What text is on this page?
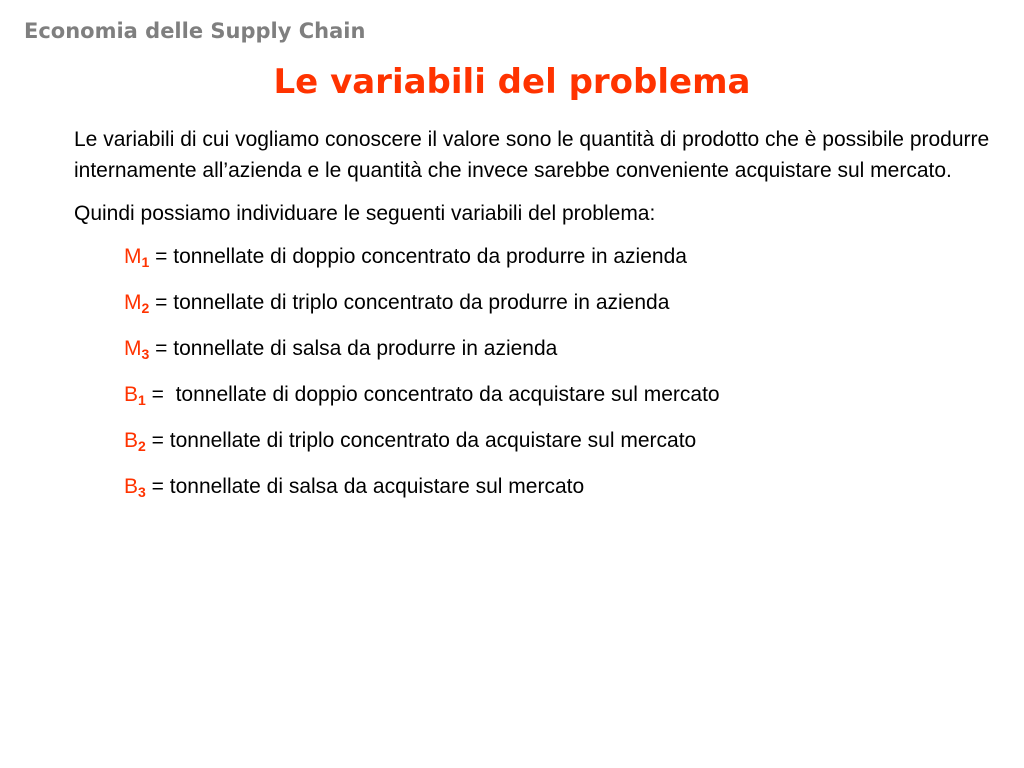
Economia delle Supply Chain
Le variabili del problema

Le variabili di cui vogliamo conoscere il valore sono le quantità di prodotto che è possibile produrre internamente all’azienda e le quantità che invece sarebbe conveniente acquistare sul mercato.

Quindi possiamo individuare le seguenti variabili del problema:

$M_1$ = tonnellate di doppio concentrato da produrre in azienda
$M_2$ = tonnellate di triplo concentrato da produrre in azienda
$M_3$ = tonnellate di salsa da produrre in azienda
$B_1$ =  tonnellate di doppio concentrato da acquistare sul mercato
$B_2$ = tonnellate di triplo concentrato da acquistare sul mercato
$B_3$ = tonnellate di salsa da acquistare sul mercato
